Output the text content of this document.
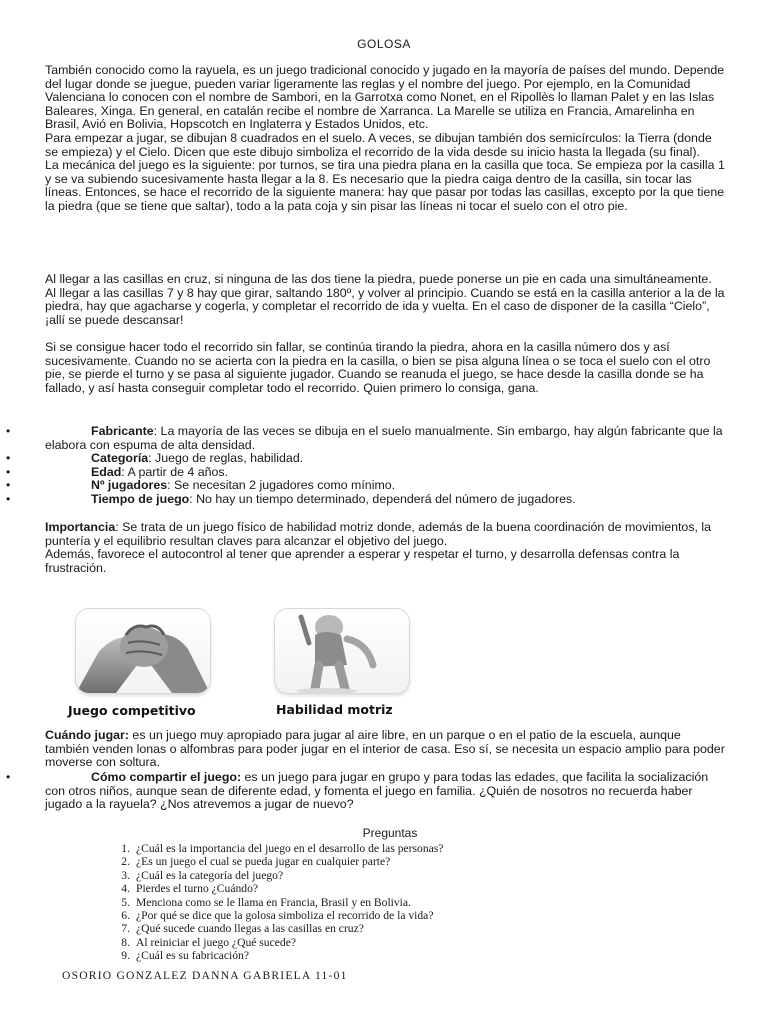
GOLOSA

También conocido como la rayuela, es un juego tradicional conocido y jugado en la mayoría de países del mundo. Depende del lugar donde se juegue, pueden variar ligeramente las reglas y el nombre del juego. Por ejemplo, en la Comunidad Valenciana lo conocen con el nombre de Sambori, en la Garrotxa como Nonet, en el Ripollès lo llaman Palet y en las Islas Baleares, Xinga. En general, en catalán recibe el nombre de Xarranca. La Marelle se utiliza en Francia, Amarelinha en Brasil, Avió en Bolivia, Hopscotch en Inglaterra y Estados Unidos, etc.

Para empezar a jugar, se dibujan 8 cuadrados en el suelo. A veces, se dibujan también dos semicírculos: la Tierra (donde se empieza) y el Cielo. Dicen que este dibujo simboliza el recorrido de la vida desde su inicio hasta la llegada (su final).

La mecánica del juego es la siguiente: por turnos, se tira una piedra plana en la casilla que toca. Se empieza por la casilla 1 y se va subiendo sucesivamente hasta llegar a la 8. Es necesario que la piedra caiga dentro de la casilla, sin tocar las líneas. Entonces, se hace el recorrido de la siguiente manera: hay que pasar por todas las casillas, excepto por la que tiene la piedra (que se tiene que saltar), todo a la pata coja y sin pisar las líneas ni tocar el suelo con el otro pie.

Al llegar a las casillas en cruz, si ninguna de las dos tiene la piedra, puede ponerse un pie en cada una simultáneamente. Al llegar a las casillas 7 y 8 hay que girar, saltando 180º, y volver al principio. Cuando se está en la casilla anterior a la de la piedra, hay que agacharse y cogerla, y completar el recorrido de ida y vuelta. En el caso de disponer de la casilla “Cielo”, ¡allí se puede descansar!

Si se consigue hacer todo el recorrido sin fallar, se continúa tirando la piedra, ahora en la casilla número dos y así sucesivamente. Cuando no se acierta con la piedra en la casilla, o bien se pisa alguna línea o se toca el suelo con el otro pie, se pierde el turno y se pasa al siguiente jugador. Cuando se reanuda el juego, se hace desde la casilla donde se ha fallado, y así hasta conseguir completar todo el recorrido. Quien primero lo consiga, gana.

•	Fabricante: La mayoría de las veces se dibuja en el suelo manualmente. Sin embargo, hay algún fabricante que la elabora con espuma de alta densidad.
•	Categoría: Juego de reglas, habilidad.
•	Edad: A partir de 4 años.
•	Nº jugadores: Se necesitan 2 jugadores como mínimo.
•	Tiempo de juego: No hay un tiempo determinado, dependerá del número de jugadores.

Importancia: Se trata de un juego físico de habilidad motriz donde, además de la buena coordinación de movimientos, la puntería y el equilibrio resultan claves para alcanzar el objetivo del juego.

Además, favorece el autocontrol al tener que aprender a esperar y respetar el turno, y desarrolla defensas contra la frustración.

Juego competitivo	Habilidad motriz

Cuándo jugar: es un juego muy apropiado para jugar al aire libre, en un parque o en el patio de la escuela, aunque también venden lonas o alfombras para poder jugar en el interior de casa. Eso sí, se necesita un espacio amplio para poder moverse con soltura.

•	Cómo compartir el juego: es un juego para jugar en grupo y para todas las edades, que facilita la socialización con otros niños, aunque sean de diferente edad, y fomenta el juego en familia. ¿Quién de nosotros no recuerda haber jugado a la rayuela? ¿Nos atrevemos a jugar de nuevo?
Preguntas
1. ¿Cuál es la importancia del juego en el desarrollo de las personas?
2. ¿Es un juego el cual se pueda jugar en cualquier parte?
3. ¿Cuál es la categoría del juego?
4. Pierdes el turno ¿Cuándo?
5. Menciona como se le llama en Francia, Brasil y en Bolivia.
6. ¿Por qué se dice que la golosa simboliza el recorrido de la vida?
7. ¿Qué sucede cuando llegas a las casillas en cruz?
8. Al reiniciar el juego ¿Qué sucede?
9. ¿Cuál es su fabricación?
OSORIO GONZALEZ DANNA GABRIELA 11-01
